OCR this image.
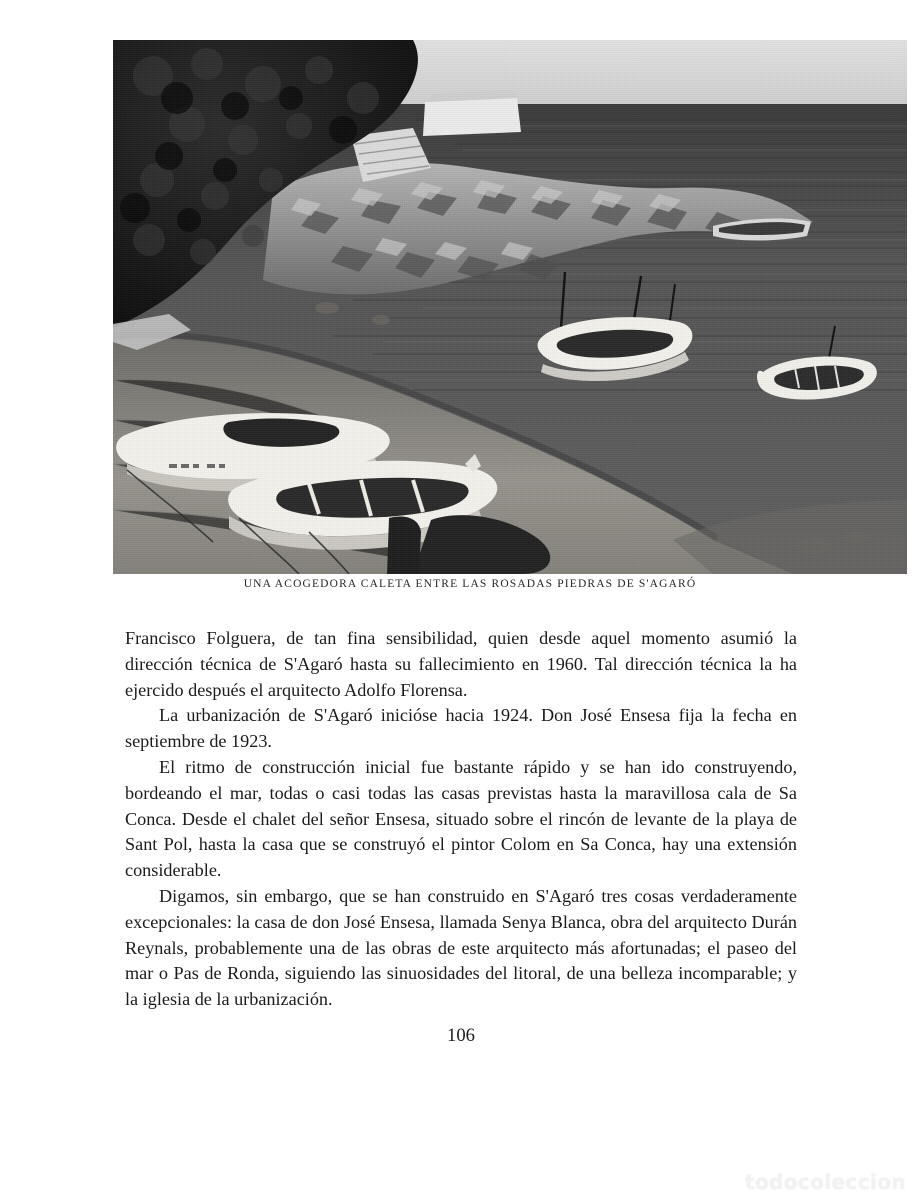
UNA ACOGEDORA CALETA ENTRE LAS ROSADAS PIEDRAS DE S'AGARÓ

Francisco Folguera, de tan fina sensibilidad, quien desde aquel momento asumió la dirección técnica de S'Agaró hasta su fallecimiento en 1960. Tal dirección técnica la ha ejercido después el arquitecto Adolfo Florensa.

La urbanización de S'Agaró inicióse hacia 1924. Don José Ensesa fija la fecha en septiembre de 1923.

El ritmo de construcción inicial fue bastante rápido y se han ido construyendo, bordeando el mar, todas o casi todas las casas previstas hasta la maravillosa cala de Sa Conca. Desde el chalet del señor Ensesa, situado sobre el rincón de levante de la playa de Sant Pol, hasta la casa que se construyó el pintor Colom en Sa Conca, hay una extensión considerable.

Digamos, sin embargo, que se han construido en S'Agaró tres cosas verdaderamente excepcionales: la casa de don José Ensesa, llamada Senya Blanca, obra del arquitecto Durán Reynals, probablemente una de las obras de este arquitecto más afortunadas; el paseo del mar o Pas de Ronda, siguiendo las sinuosidades del litoral, de una belleza incomparable; y la iglesia de la urbanización.

106
todocoleccion
